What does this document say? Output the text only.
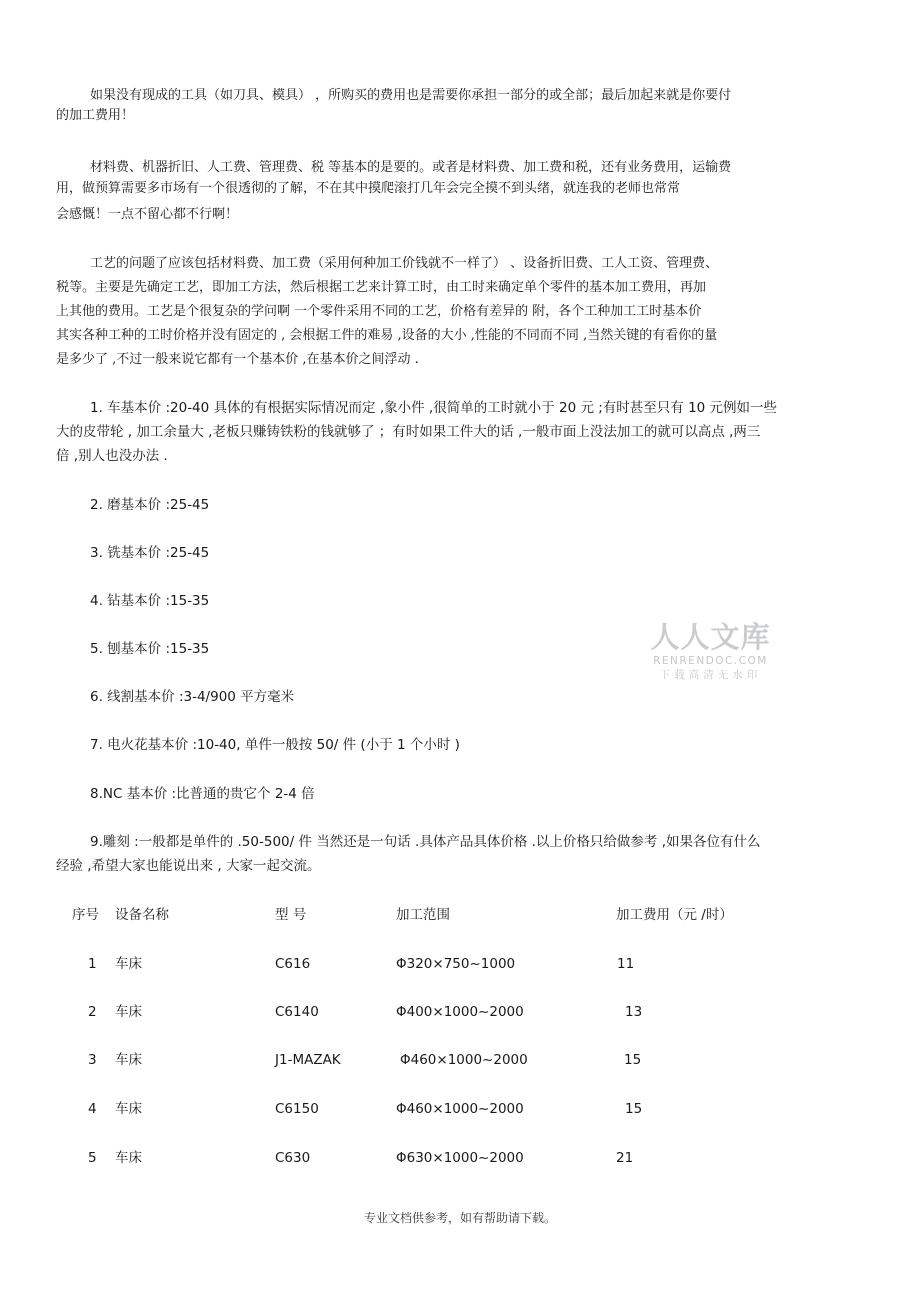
如果没有现成的工具（如刀具、模具） ，所购买的费用也是需要你承担一部分的或全部；最后加起来就是你要付
的加工费用！
材料费、机器折旧、人工费、管理费、税 等基本的是要的。或者是材料费、加工费和税，还有业务费用，运输费
用，做预算需要多市场有一个很透彻的了解，不在其中摸爬滚打几年会完全摸不到头绪，就连我的老师也常常
会感慨！一点不留心都不行啊！
工艺的问题了应该包括材料费、加工费（采用何种加工价钱就不一样了） 、设备折旧费、工人工资、管理费、
税等。主要是先确定工艺，即加工方法，然后根据工艺来计算工时，由工时来确定单个零件的基本加工费用，再加
上其他的费用。工艺是个很复杂的学问啊 一个零件采用不同的工艺，价格有差异的 附，各个工种加工工时基本价
其实各种工种的工时价格并没有固定的 , 会根据工件的难易 ,设备的大小 ,性能的不同而不同 ,当然关键的有看你的量
是多少了 ,不过一般来说它都有一个基本价 ,在基本价之间浮动 .
1. 车基本价 :20-40 具体的有根据实际情况而定 ,象小件 ,很简单的工时就小于 20 元 ;有时甚至只有 10 元例如一些
大的皮带轮 , 加工余量大 ,老板只赚铸铁粉的钱就够了 ；有时如果工件大的话 ,一般市面上没法加工的就可以高点 ,两三
倍 ,别人也没办法 .
2. 磨基本价 :25-45
3. 铣基本价 :25-45
4. 钻基本价 :15-35
5. 刨基本价 :15-35
6. 线割基本价 :3-4/900 平方毫米
7. 电火花基本价 :10-40, 单件一般按 50/ 件 (小于 1 个小时 )
8.NC 基本价 :比普通的贵它个 2-4 倍
9.雕刻 :一般都是单件的 .50-500/ 件 当然还是一句话 .具体产品具体价格 .以上价格只给做参考 ,如果各位有什么
经验 ,希望大家也能说出来 , 大家一起交流。
人人文库
RENRENDOC.COM
下载高清无水印
序号 设备名称	型 号	加工范围	加工费用（元 /时）
1 车床	C616	Φ320×750~1000	11
2 车床	C6140	Φ400×1000~2000	13
3 车床	J1-MAZAK	Φ460×1000~2000	15
4 车床	C6150	Φ460×1000~2000	15
5 车床	C630	Φ630×1000~2000	21
专业文档供参考，如有帮助请下载。
